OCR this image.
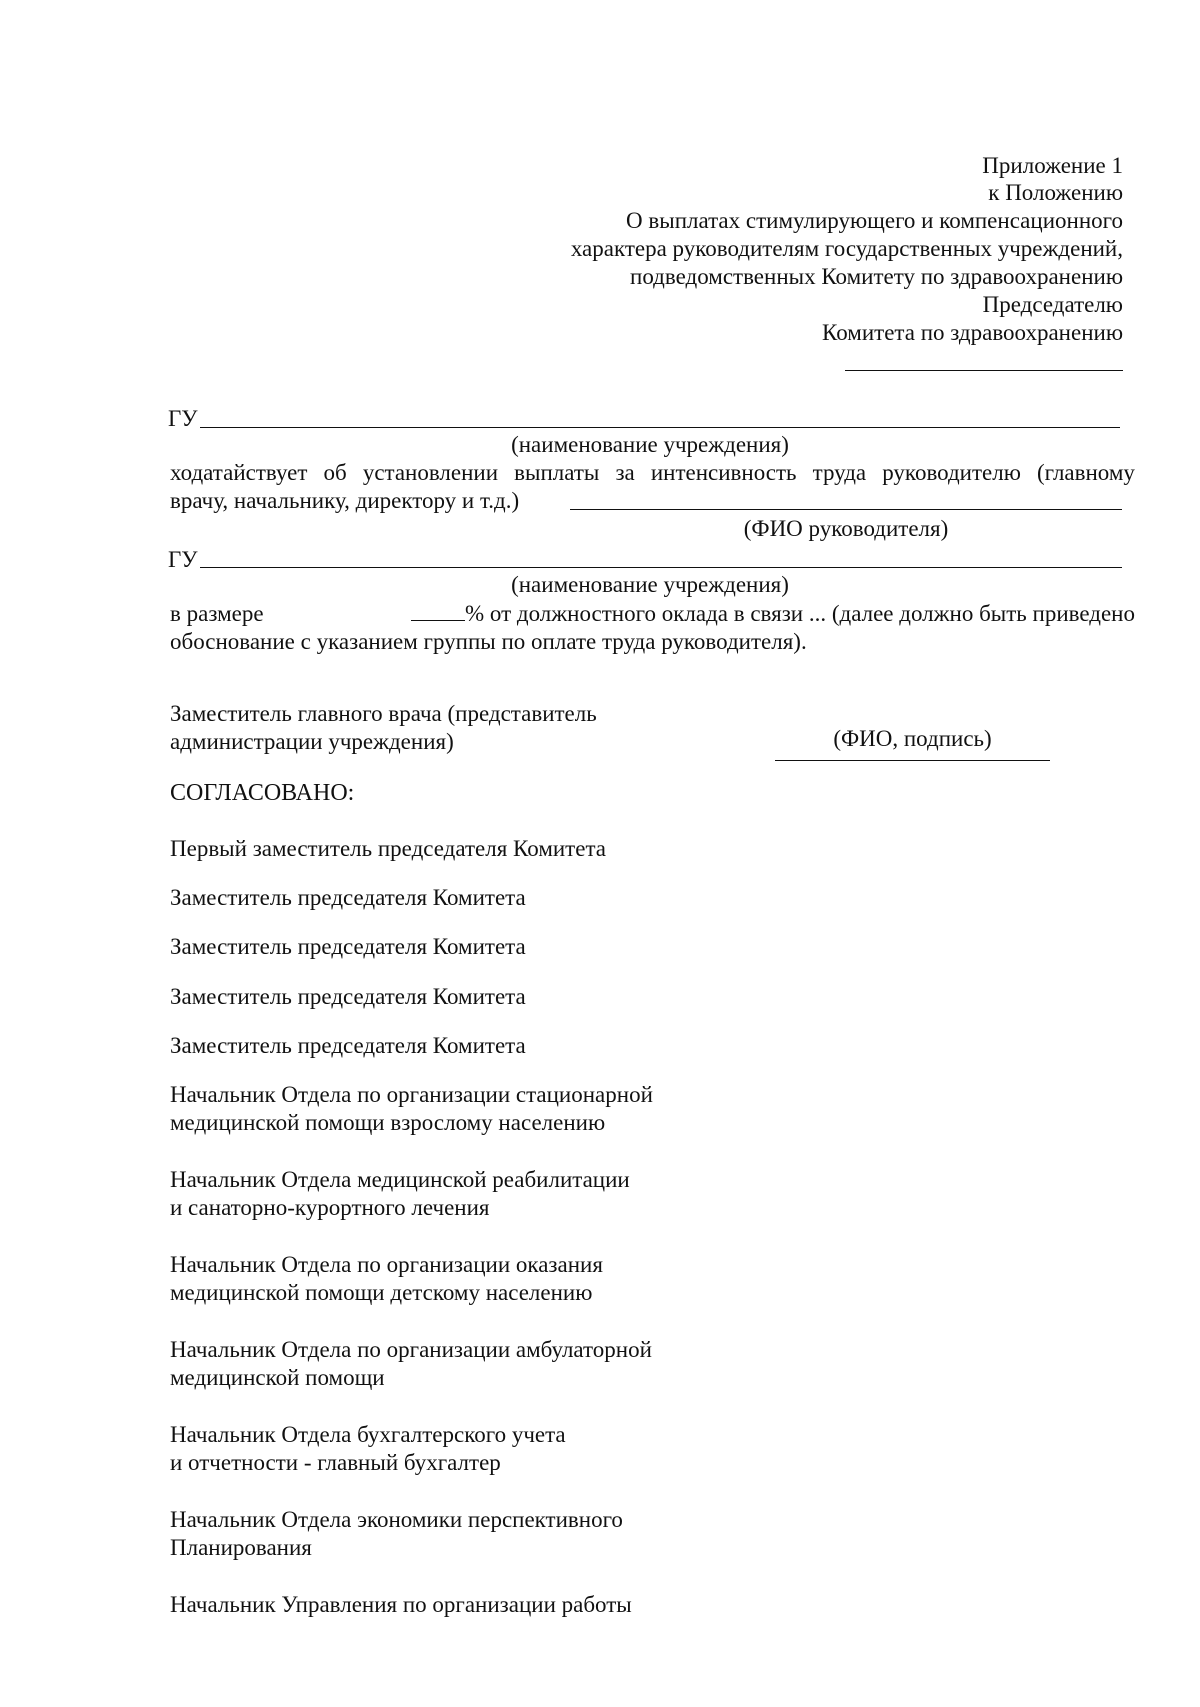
Приложение 1
к Положению
О выплатах стимулирующего и компенсационного
характера руководителям государственных учреждений,
подведомственных Комитету по здравоохранению
Председателю
Комитета по здравоохранению
ГУ
(наименование учреждения)
ходатайствует об установлении выплаты за интенсивность труда руководителю (главному
врачу, начальнику, директору и т.д.)
(ФИО руководителя)
ГУ
(наименование учреждения)
в размере	% от должностного оклада в связи ... (далее должно быть приведено
обоснование с указанием группы по оплате труда руководителя).
Заместитель главного врача (представитель
администрации учреждения)	(ФИО, подпись)
СОГЛАСОВАНО:
Первый заместитель председателя Комитета
Заместитель председателя Комитета
Заместитель председателя Комитета
Заместитель председателя Комитета
Заместитель председателя Комитета
Начальник Отдела по организации стационарной
медицинской помощи взрослому населению
Начальник Отдела медицинской реабилитации
и санаторно-курортного лечения
Начальник Отдела по организации оказания
медицинской помощи детскому населению
Начальник Отдела по организации амбулаторной
медицинской помощи
Начальник Отдела бухгалтерского учета
и отчетности - главный бухгалтер
Начальник Отдела экономики перспективного
Планирования
Начальник Управления по организации работы
